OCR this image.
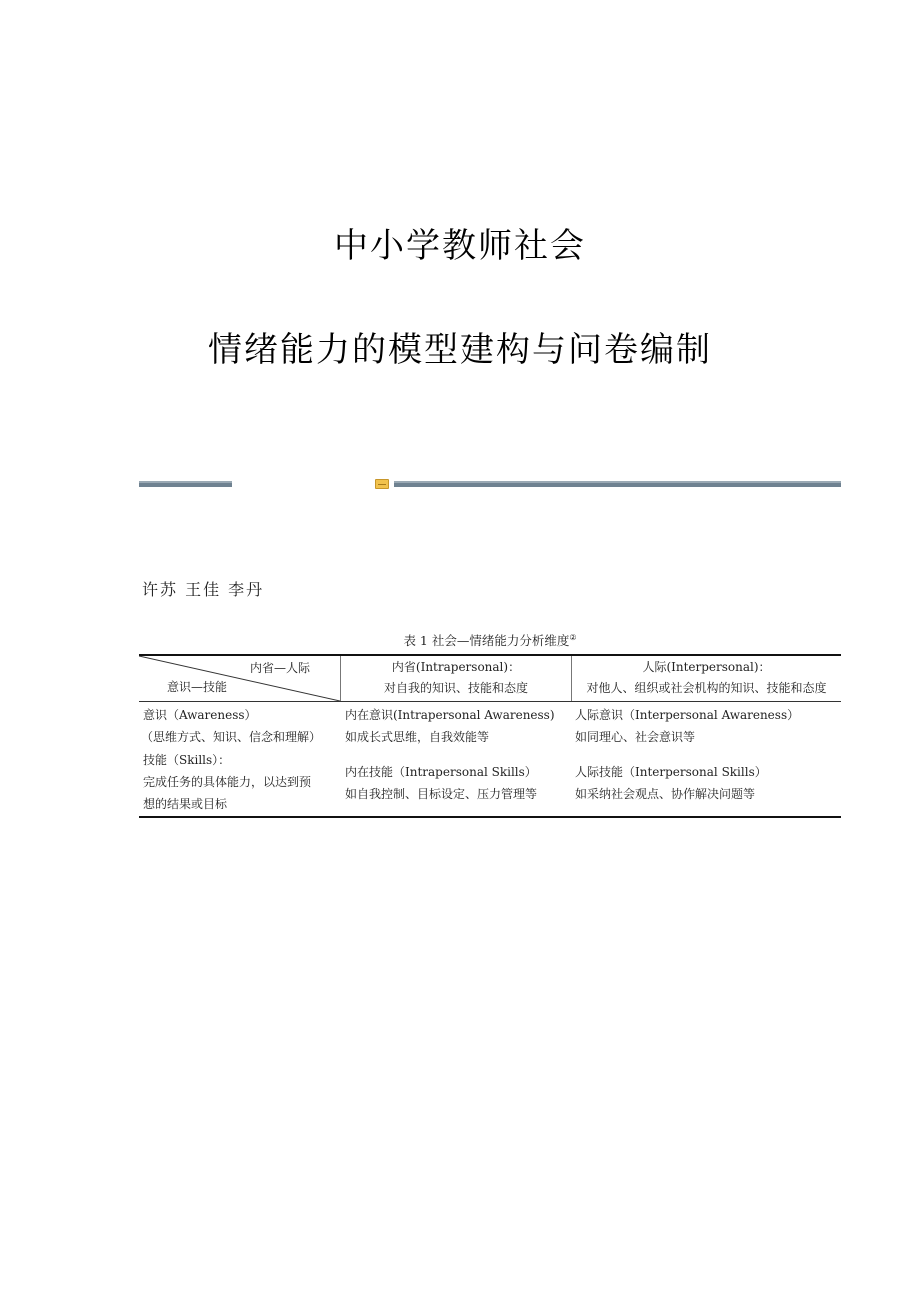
中小学教师社会
情绪能力的模型建构与问卷编制
许苏 王佳 李丹
表 1 社会—情绪能力分析维度②
内省—人际
意识—技能
内省(Intrapersonal)：
对自我的知识、技能和态度
人际(Interpersonal)：
对他人、组织或社会机构的知识、技能和态度
意识（Awareness）
（思维方式、知识、信念和理解）
内在意识(Intrapersonal Awareness)
如成长式思维，自我效能等
人际意识（Interpersonal Awareness）
如同理心、社会意识等
技能（Skills）：
完成任务的具体能力，以达到预
想的结果或目标
内在技能（Intrapersonal Skills）
如自我控制、目标设定、压力管理等
人际技能（Interpersonal Skills）
如采纳社会观点、协作解决问题等
